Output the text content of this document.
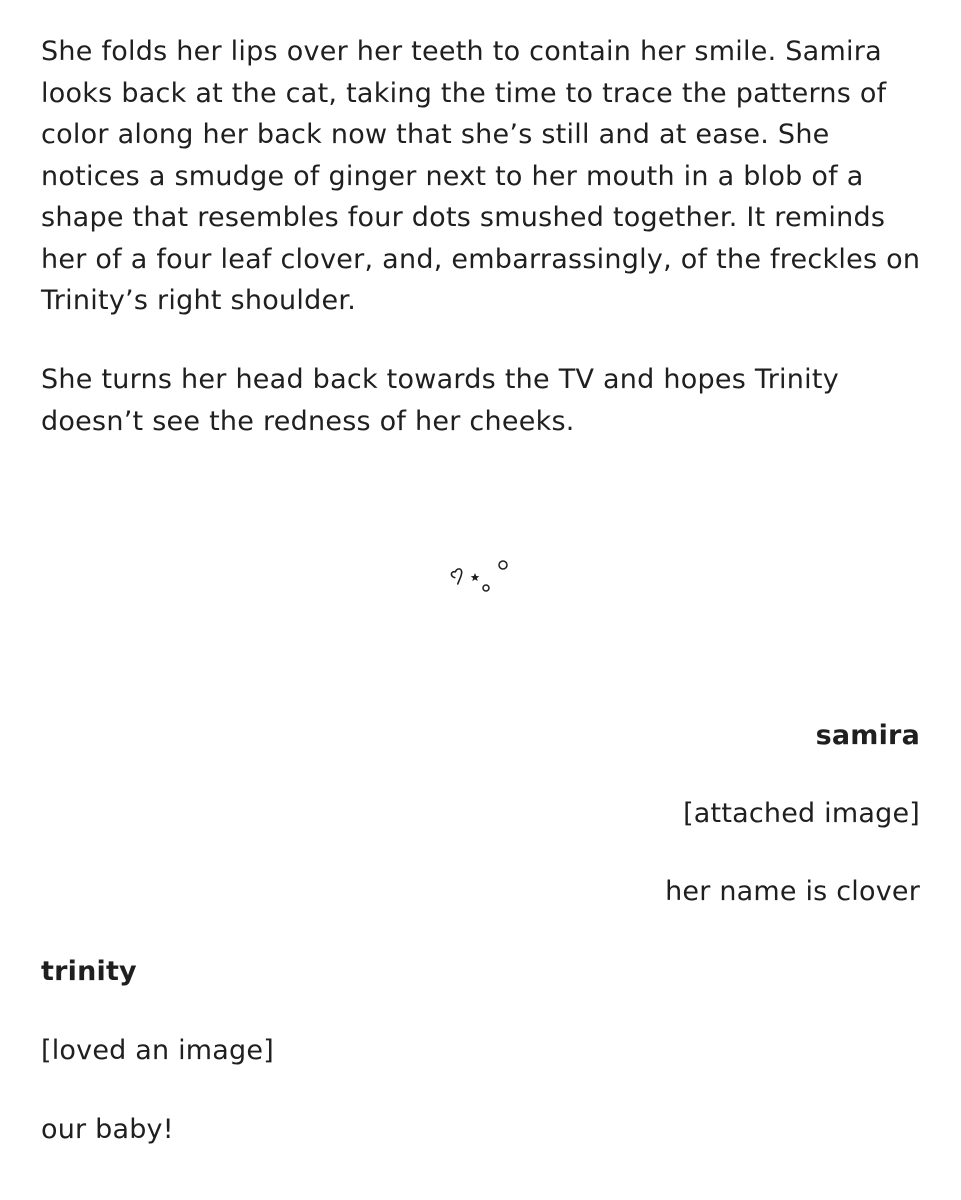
She folds her lips over her teeth to contain her smile. Samira looks back at the cat, taking the time to trace the patterns of color along her back now that she’s still and at ease. She notices a smudge of ginger next to her mouth in a blob of a shape that resembles four dots smushed together. It reminds her of a four leaf clover, and, embarrassingly, of the freckles on Trinity’s right shoulder.

She turns her head back towards the TV and hopes Trinity doesn’t see the redness of her cheeks.

samira
[attached image]
her name is clover
trinity
[loved an image]
our baby!
